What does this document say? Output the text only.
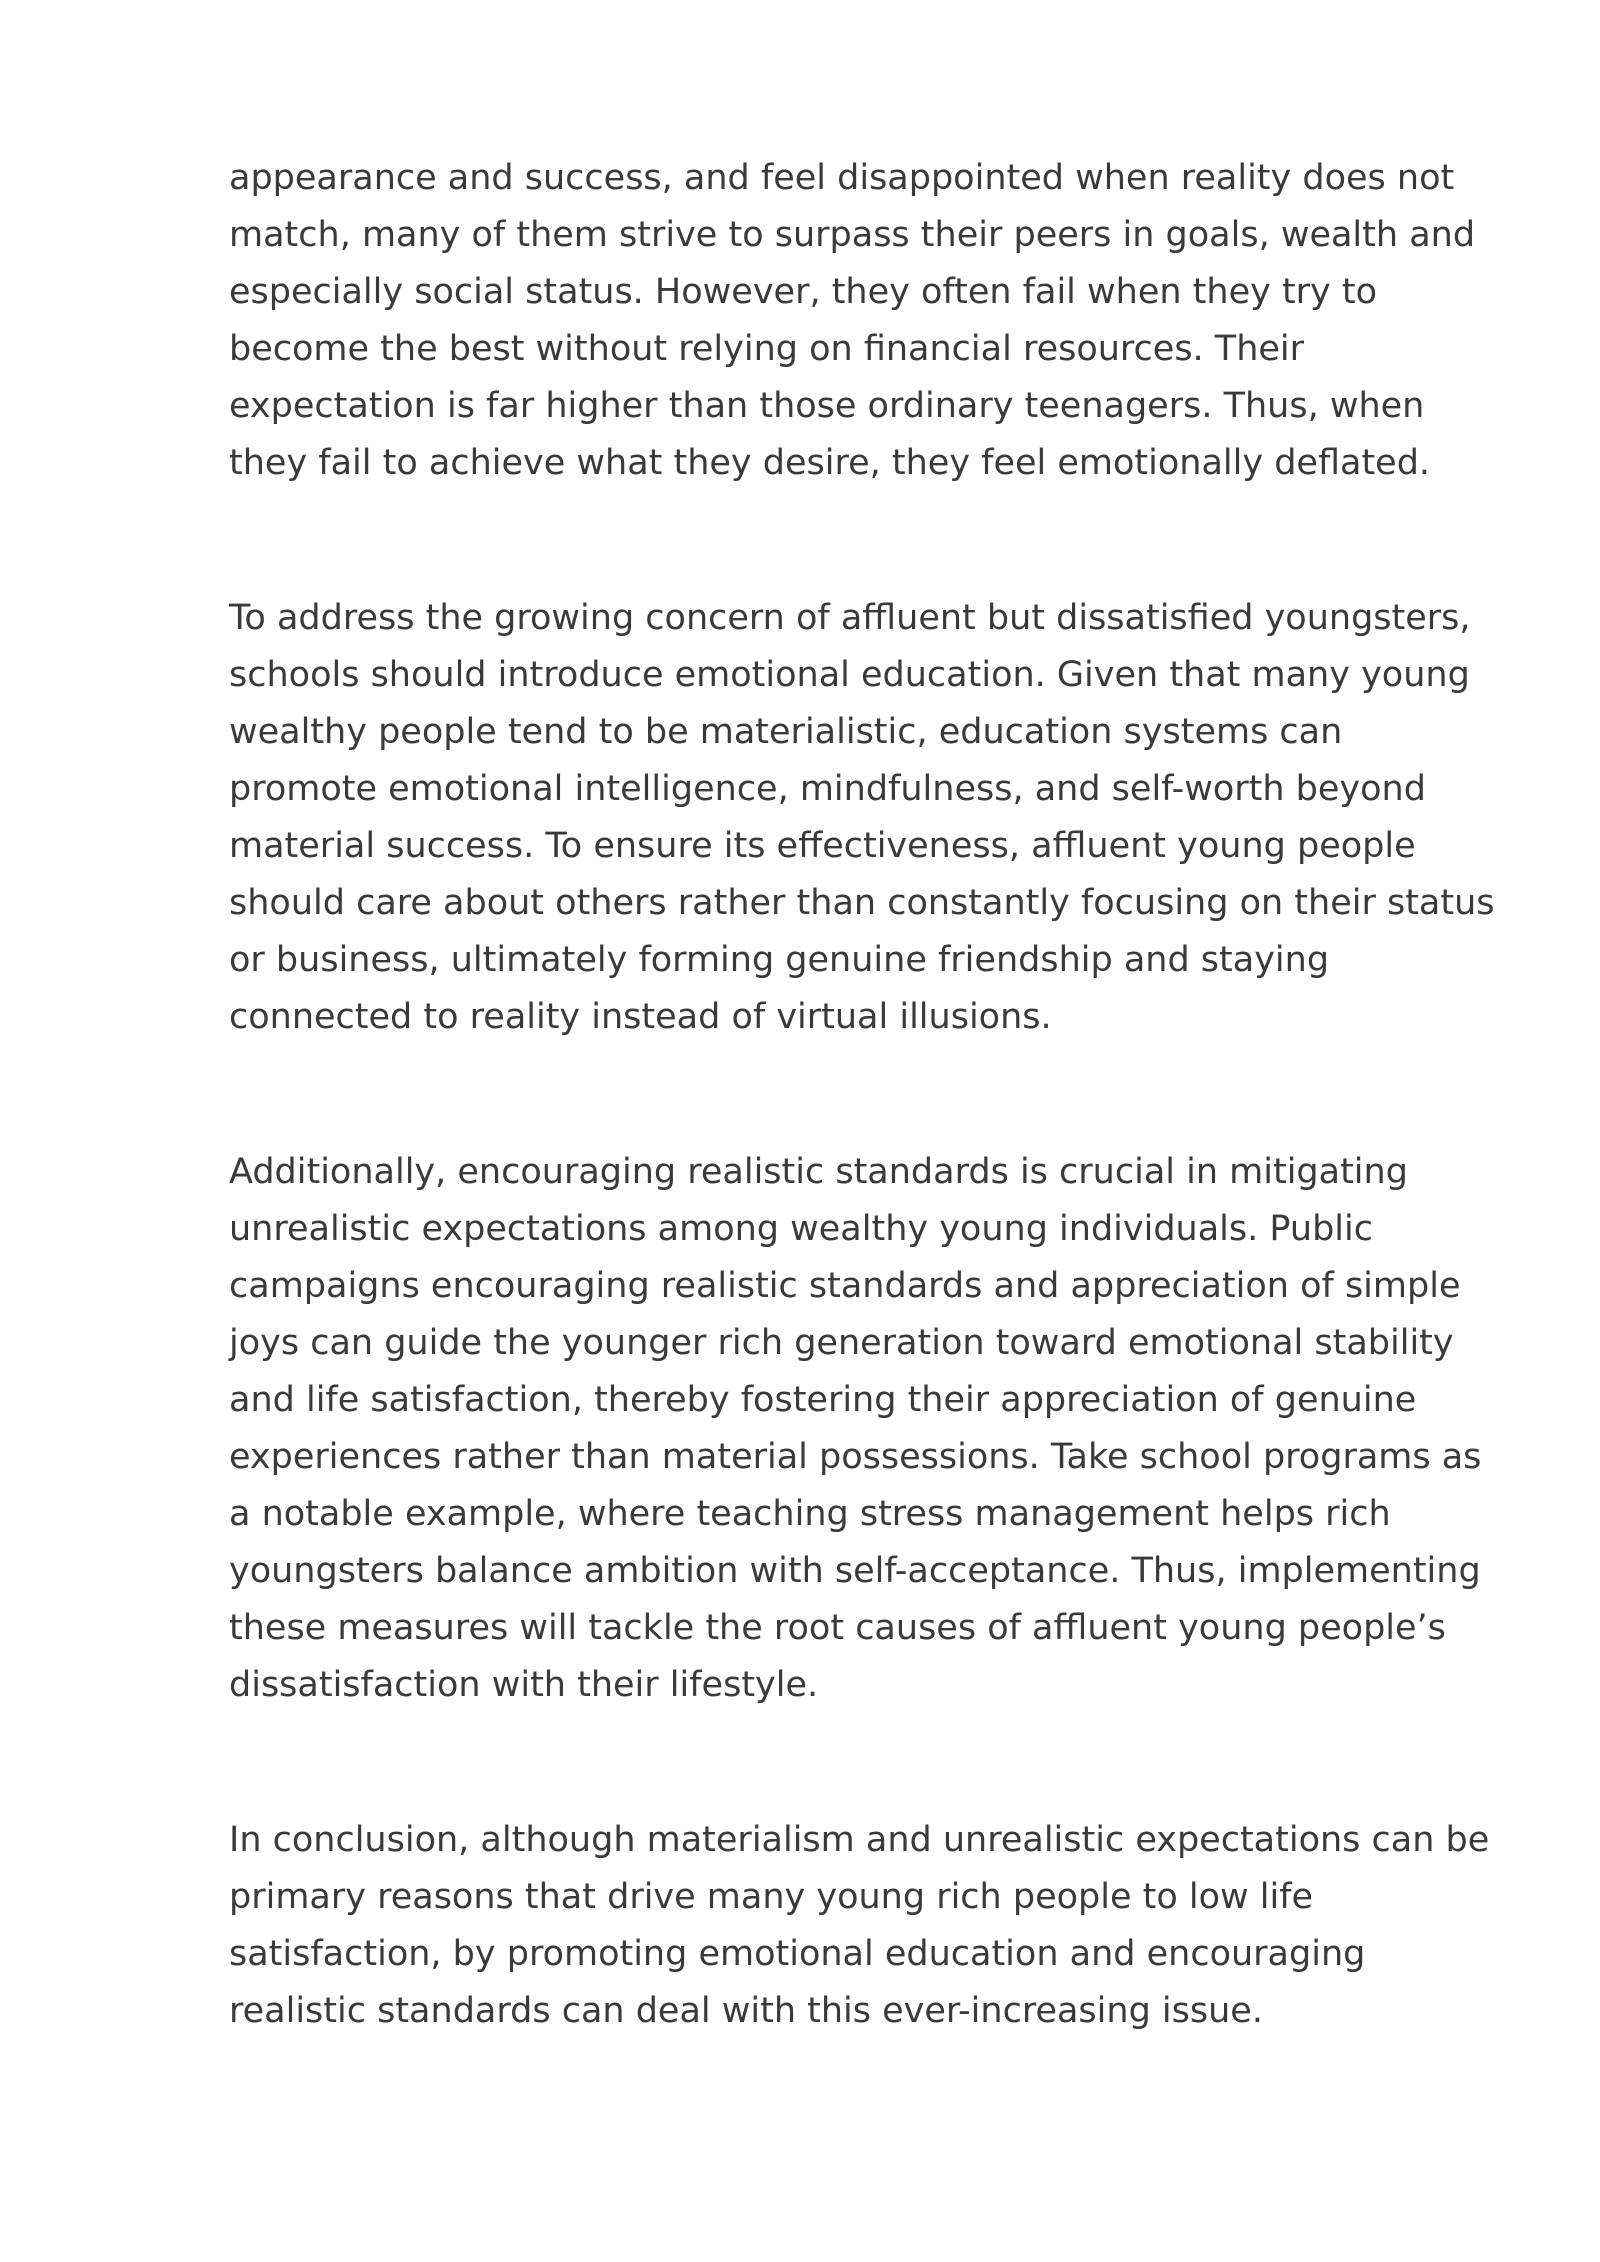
appearance and success, and feel disappointed when reality does not
match, many of them strive to surpass their peers in goals, wealth and
especially social status. However, they often fail when they try to
become the best without relying on financial resources. Their
expectation is far higher than those ordinary teenagers. Thus, when
they fail to achieve what they desire, they feel emotionally deflated.

To address the growing concern of affluent but dissatisfied youngsters,
schools should introduce emotional education. Given that many young
wealthy people tend to be materialistic, education systems can
promote emotional intelligence, mindfulness, and self-worth beyond
material success. To ensure its effectiveness, affluent young people
should care about others rather than constantly focusing on their status
or business, ultimately forming genuine friendship and staying
connected to reality instead of virtual illusions.

Additionally, encouraging realistic standards is crucial in mitigating
unrealistic expectations among wealthy young individuals. Public
campaigns encouraging realistic standards and appreciation of simple
joys can guide the younger rich generation toward emotional stability
and life satisfaction, thereby fostering their appreciation of genuine
experiences rather than material possessions. Take school programs as
a notable example, where teaching stress management helps rich
youngsters balance ambition with self-acceptance. Thus, implementing
these measures will tackle the root causes of affluent young people’s
dissatisfaction with their lifestyle.

In conclusion, although materialism and unrealistic expectations can be
primary reasons that drive many young rich people to low life
satisfaction, by promoting emotional education and encouraging
realistic standards can deal with this ever-increasing issue.
